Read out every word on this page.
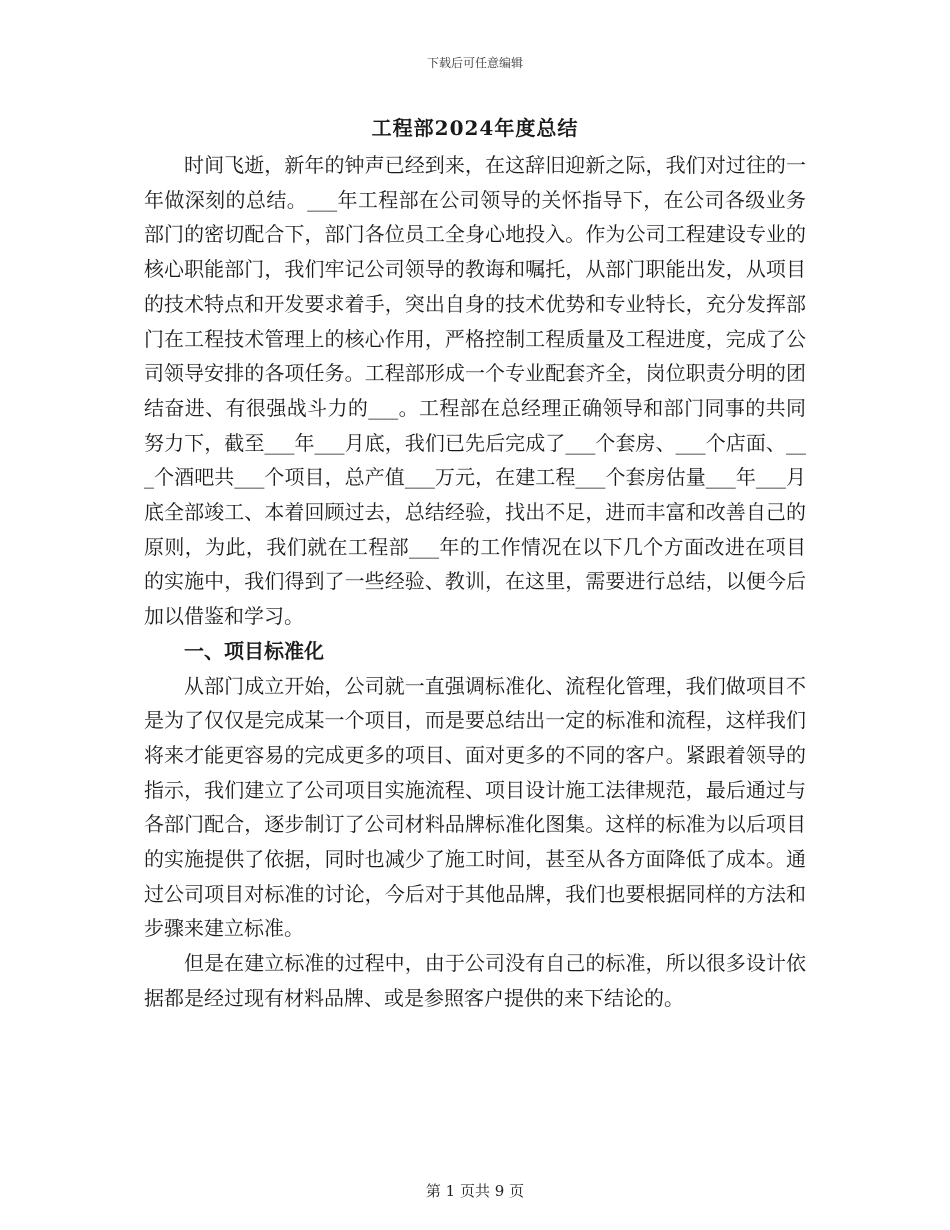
下载后可任意编辑
工程部2024年度总结

时间飞逝，新年的钟声已经到来，在这辞旧迎新之际，我们对过往的一年做深刻的总结。___年工程部在公司领导的关怀指导下，在公司各级业务部门的密切配合下，部门各位员工全身心地投入。作为公司工程建设专业的核心职能部门，我们牢记公司领导的教诲和嘱托，从部门职能出发，从项目的技术特点和开发要求着手，突出自身的技术优势和专业特长，充分发挥部门在工程技术管理上的核心作用，严格控制工程质量及工程进度，完成了公司领导安排的各项任务。工程部形成一个专业配套齐全，岗位职责分明的团结奋进、有很强战斗力的___。工程部在总经理正确领导和部门同事的共同努力下，截至___年___月底，我们已先后完成了___个套房、___个店面、___个酒吧共___个项目，总产值___万元，在建工程___个套房估量___年___月底全部竣工、本着回顾过去，总结经验，找出不足，进而丰富和改善自己的原则，为此，我们就在工程部___年的工作情况在以下几个方面改进在项目的实施中，我们得到了一些经验、教训，在这里，需要进行总结，以便今后加以借鉴和学习。

一、项目标准化

从部门成立开始，公司就一直强调标准化、流程化管理，我们做项目不是为了仅仅是完成某一个项目，而是要总结出一定的标准和流程，这样我们将来才能更容易的完成更多的项目、面对更多的不同的客户。紧跟着领导的指示，我们建立了公司项目实施流程、项目设计施工法律规范，最后通过与各部门配合，逐步制订了公司材料品牌标准化图集。这样的标准为以后项目的实施提供了依据，同时也减少了施工时间，甚至从各方面降低了成本。通过公司项目对标准的讨论，今后对于其他品牌，我们也要根据同样的方法和步骤来建立标准。

但是在建立标准的过程中，由于公司没有自己的标准，所以很多设计依据都是经过现有材料品牌、或是参照客户提供的来下结论的。

第 1 页共 9 页
